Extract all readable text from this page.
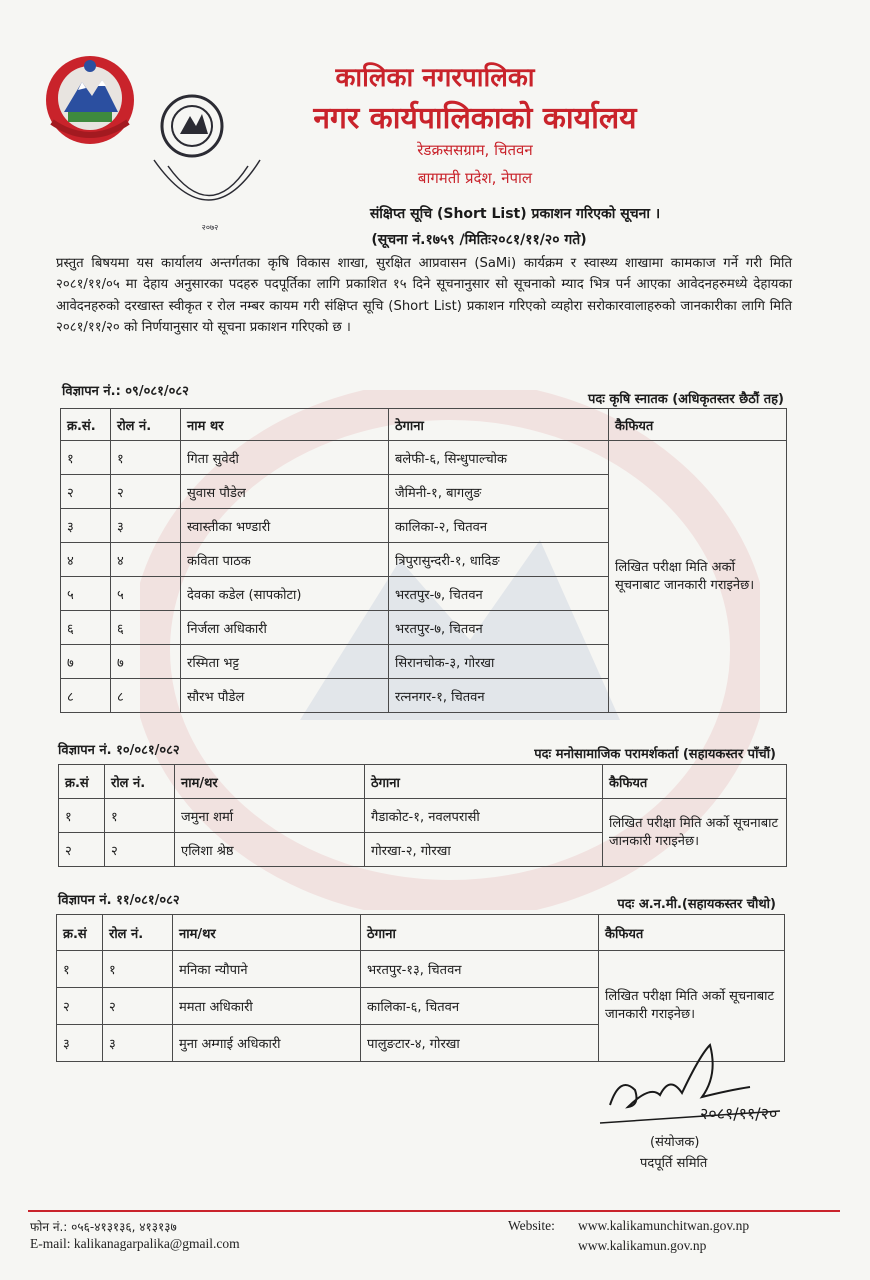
२०७२
कालिका नगरपालिका
नगर कार्यपालिकाको कार्यालय
रेडक्रससग्राम, चितवन
बागमती प्रदेश, नेपाल
संक्षिप्त सूचि (Short List) प्रकाशन गरिएको सूचना ।
(सूचना नं.१७५९ /मितिः२०८१/११/२० गते)
प्रस्तुत बिषयमा यस कार्यालय अन्तर्गतका कृषि विकास शाखा, सुरक्षित आप्रवासन (SaMi) कार्यक्रम र स्वास्थ्य शाखामा कामकाज गर्ने गरी मिति २०८१/११/०५ मा देहाय अनुसारका पदहरु पदपूर्तिका लागि प्रकाशित १५ दिने सूचनानुसार सो सूचनाको म्याद भित्र पर्न आएका आवेदनहरुमध्ये देहायका आवेदनहरुको दरखास्त स्वीकृत र रोल नम्बर कायम गरी संक्षिप्त सूचि (Short List) प्रकाशन गरिएको व्यहोरा सरोकारवालाहरुको जानकारीका लागि मिति २०८१/११/२० को निर्णयानुसार यो सूचना प्रकाशन गरिएको छ ।
विज्ञापन नं.: ०९/०८१/०८२
पदः कृषि स्नातक (अधिकृतस्तर छैठौं तह)
क्र.सं.	रोल नं.	नाम थर	ठेगाना	कैफियत
१	१	गिता सुवेदी	बलेफी-६, सिन्धुपाल्चोक	लिखित परीक्षा मिति अर्को सूचनाबाट जानकारी गराइनेछ।
२	२	सुवास पौडेल	जैमिनी-१, बागलुङ	
३	३	स्वास्तीका भण्डारी	कालिका-२, चितवन	
४	४	कविता पाठक	त्रिपुरासुन्दरी-१, धादिङ	
५	५	देवका कडेल (सापकोटा)	भरतपुर-७, चितवन	
६	६	निर्जला अधिकारी	भरतपुर-७, चितवन	
७	७	रस्मिता भट्ट	सिरानचोक-३, गोरखा	
८	८	सौरभ पौडेल	रत्ननगर-१, चितवन	
विज्ञापन नं. १०/०८१/०८२	पदः मनोसामाजिक परामर्शकर्ता (सहायकस्तर पाँचौं)
क्र.सं	रोल नं.	नाम/थर	ठेगाना	कैफियत
१	१	जमुना शर्मा	गैडाकोट-१, नवलपरासी	लिखित परीक्षा मिति अर्को सूचनाबाट जानकारी गराइनेछ।
२	२	एलिशा श्रेष्ठ	गोरखा-२, गोरखा	
विज्ञापन नं. ११/०८१/०८२	पदः अ.न.मी.(सहायकस्तर चौथो)
क्र.सं	रोल नं.	नाम/थर	ठेगाना	कैफियत
१	१	मनिका न्यौपाने	भरतपुर-१३, चितवन	लिखित परीक्षा मिति अर्को सूचनाबाट जानकारी गराइनेछ।
२	२	ममता अधिकारी	कालिका-६, चितवन	
३	३	मुना अम्गाई अधिकारी	पालुङटार-४, गोरखा	
२०८१/११/२०
(संयोजक)
पदपूर्ति समिति
फोन नं.: ०५६-४१३१३६, ४१३१३७
E-mail: kalikanagarpalika@gmail.com
Website: www.kalikamunchitwan.gov.np
www.kalikamun.gov.np
